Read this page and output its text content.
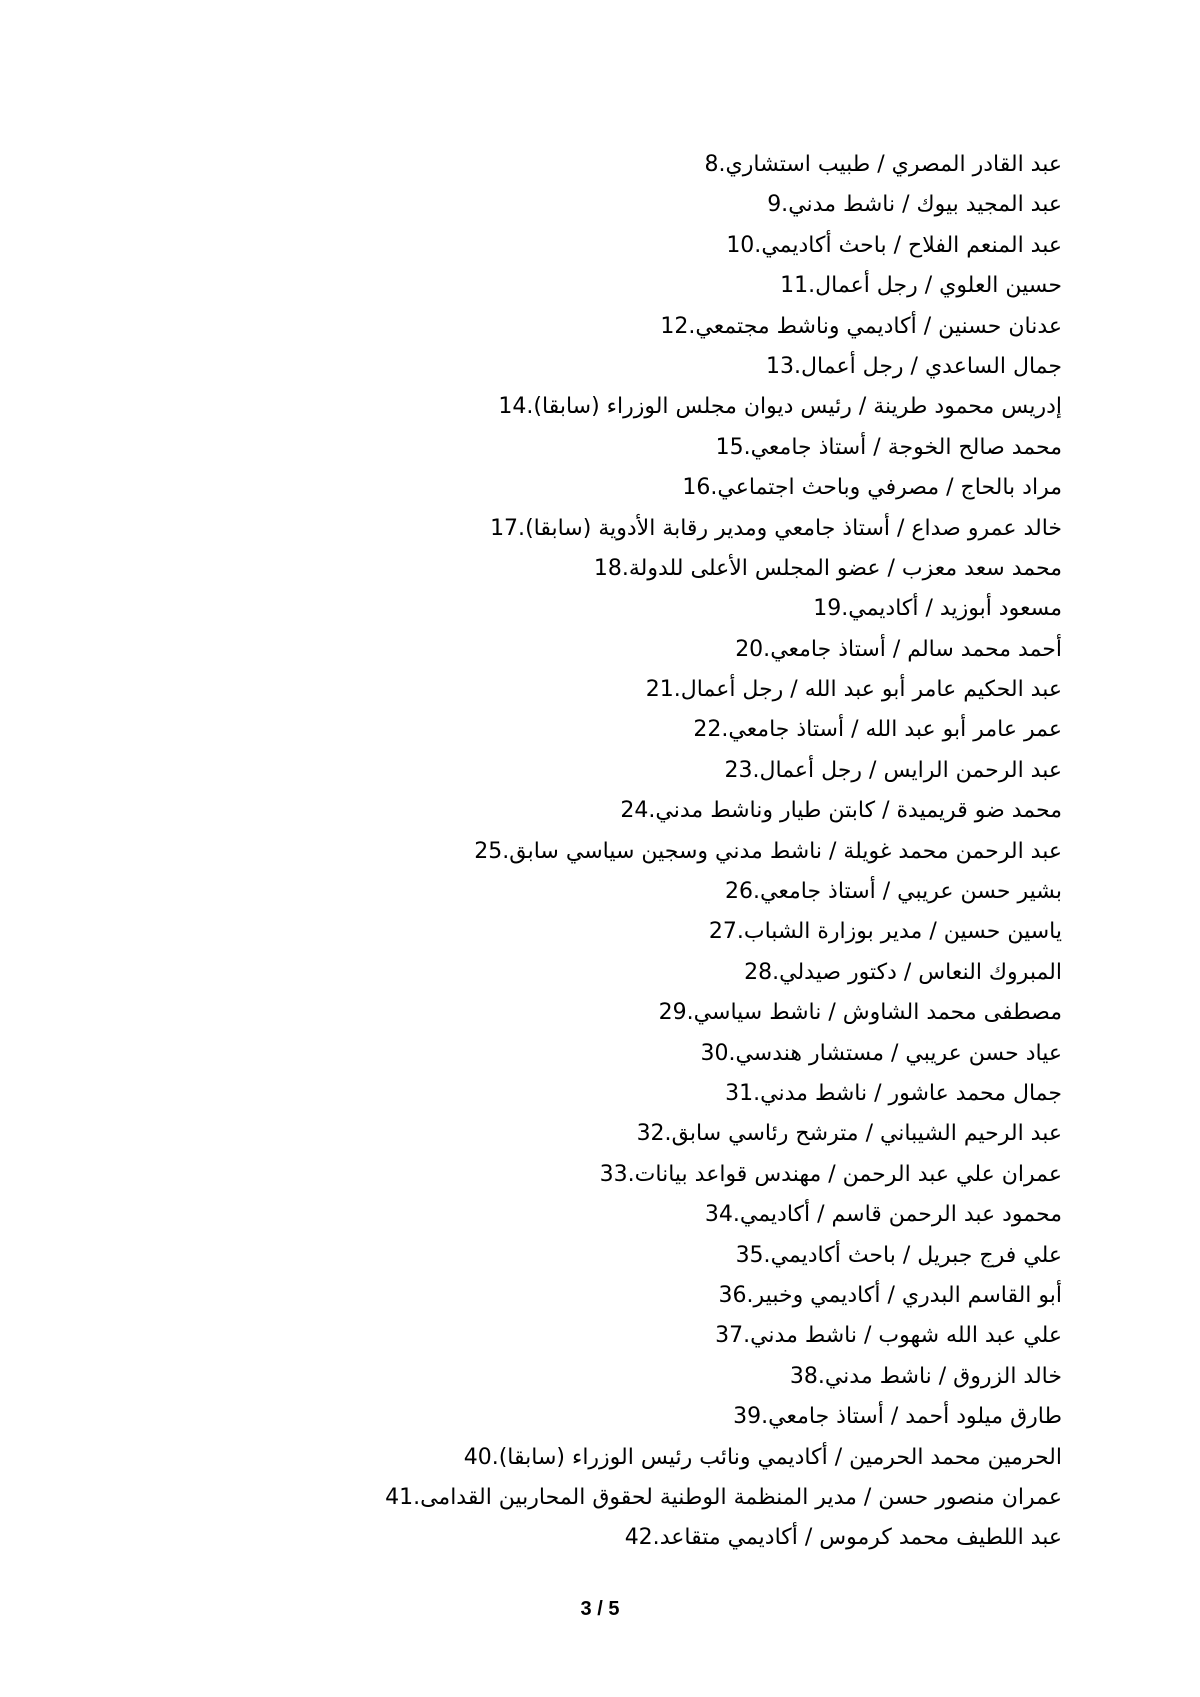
8.عبد القادر المصري / طبيب استشاري
9.عبد المجيد بيوك / ناشط مدني
10.عبد المنعم الفلاح / باحث أكاديمي
11.حسين العلوي / رجل أعمال
12.عدنان حسنين / أكاديمي وناشط مجتمعي
13.جمال الساعدي / رجل أعمال
14.إدريس محمود طرينة / رئيس ديوان مجلس الوزراء (سابقا)
15.محمد صالح الخوجة / أستاذ جامعي
16.مراد بالحاج / مصرفي وباحث اجتماعي
17.خالد عمرو صداع / أستاذ جامعي ومدير رقابة الأدوية (سابقا)
18.محمد سعد معزب / عضو المجلس الأعلى للدولة
19.مسعود أبوزيد / أكاديمي
20.أحمد محمد سالم / أستاذ جامعي
21.عبد الحكيم عامر أبو عبد الله / رجل أعمال
22.عمر عامر أبو عبد الله / أستاذ جامعي
23.عبد الرحمن الرايس / رجل أعمال
24.محمد ضو قريميدة / كابتن طيار وناشط مدني
25.عبد الرحمن محمد غويلة / ناشط مدني وسجين سياسي سابق
26.بشير حسن عريبي / أستاذ جامعي
27.ياسين حسين / مدير بوزارة الشباب
28.المبروك النعاس / دكتور صيدلي
29.مصطفى محمد الشاوش / ناشط سياسي
30.عياد حسن عريبي / مستشار هندسي
31.جمال محمد عاشور / ناشط مدني
32.عبد الرحيم الشيباني / مترشح رئاسي سابق
33.عمران علي عبد الرحمن / مهندس قواعد بيانات
34.محمود عبد الرحمن قاسم / أكاديمي
35.علي فرج جبريل / باحث أكاديمي
36.أبو القاسم البدري / أكاديمي وخبير
37.علي عبد الله شهوب / ناشط مدني
38.خالد الزروق / ناشط مدني
39.طارق ميلود أحمد / أستاذ جامعي
40.الحرمين محمد الحرمين / أكاديمي ونائب رئيس الوزراء (سابقا)
41.عمران منصور حسن / مدير المنظمة الوطنية لحقوق المحاربين القدامى
42.عبد اللطيف محمد كرموس / أكاديمي متقاعد
3 / 5
